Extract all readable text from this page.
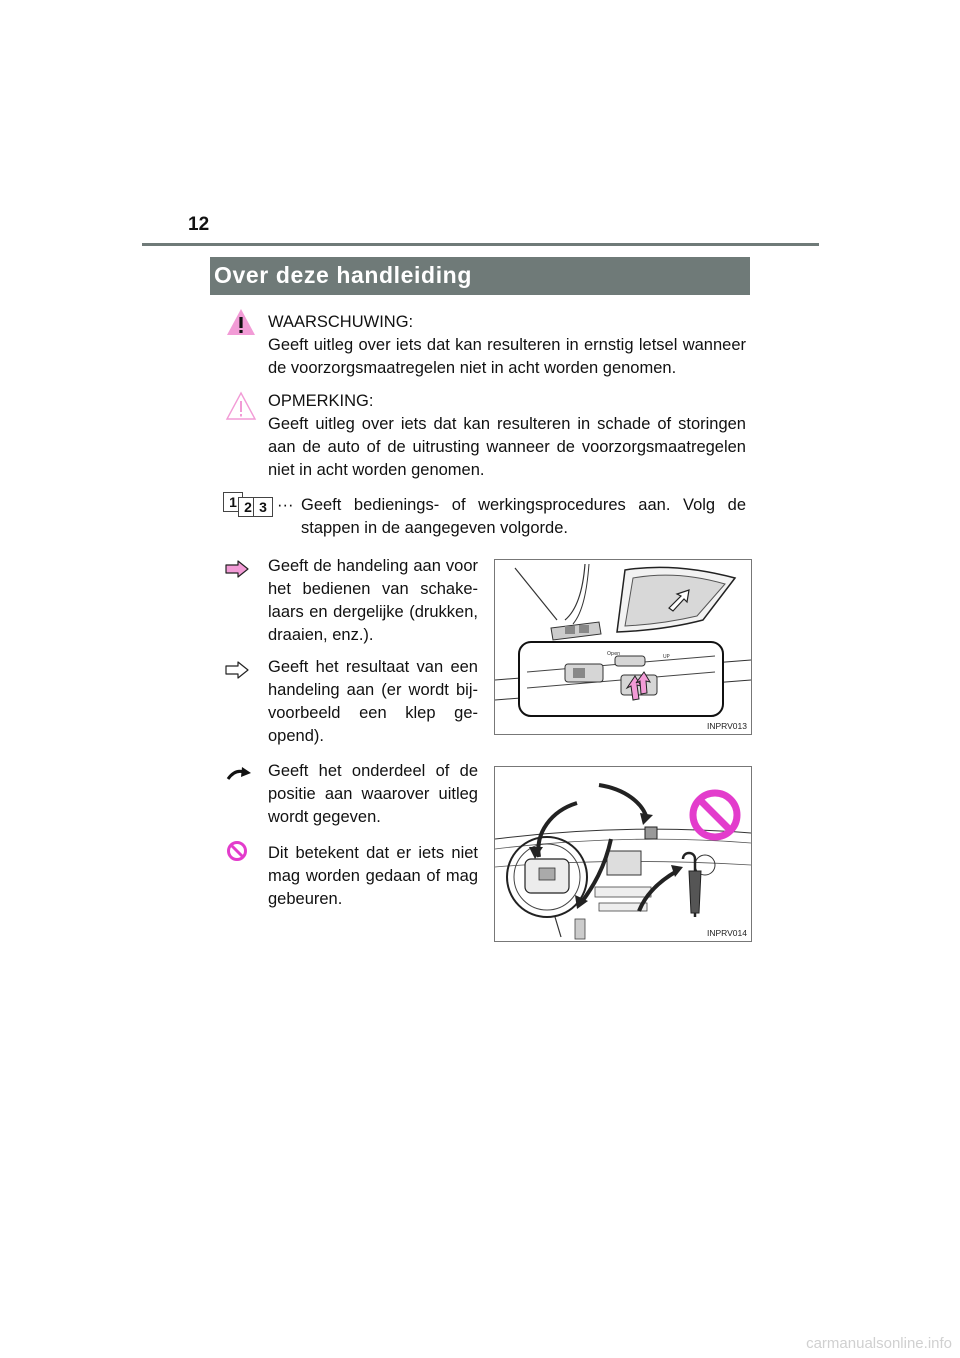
12
Over deze handleiding
WAARSCHUWING:
Geeft uitleg over iets dat kan resulteren in ernstig letsel wanneer de voorzorgsmaatregelen niet in acht worden genomen.
OPMERKING:
Geeft uitleg over iets dat kan resulteren in schade of storingen aan de auto of de uitrusting wanneer de voorzorgsmaatregelen niet in acht worden genomen.
1 2 3 ··· Geeft bedienings- of werkingsprocedures aan. Volg de stappen in de aangegeven volgorde.
Geeft de handeling aan voor het bedienen van schakelaars en dergelijke (drukken, draaien, enz.).
Geeft het resultaat van een handeling aan (er wordt bijvoorbeeld een klep geopend).
Geeft het onderdeel of de positie aan waarover uitleg wordt gegeven.
Dit betekent dat er iets niet mag worden gedaan of mag gebeuren.
Open	UP
INPRV013
INPRV014
carmanualsonline.info
